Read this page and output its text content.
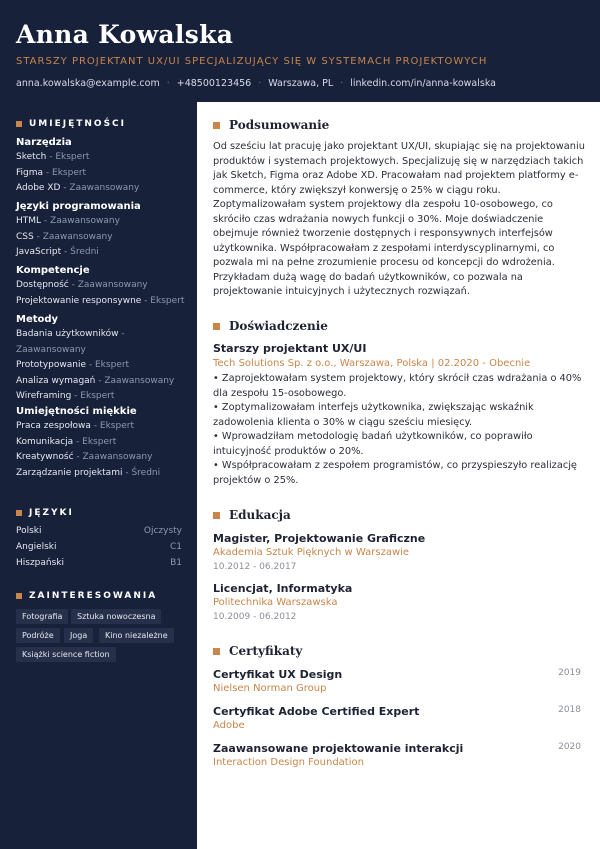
Anna Kowalska
STARSZY PROJEKTANT UX/UI SPECJALIZUJĄCY SIĘ W SYSTEMACH PROJEKTOWYCH
anna.kowalska@example.com · +48500123456 · Warszawa, PL · linkedin.com/in/anna-kowalska
UMIEJĘTNOŚCI
Narzędzia
Sketch - Ekspert
Figma - Ekspert
Adobe XD - Zaawansowany
Języki programowania
HTML - Zaawansowany
CSS - Zaawansowany
JavaScript - Średni
Kompetencje
Dostępność - Zaawansowany
Projektowanie responsywne - Ekspert
Metody
Badania użytkowników -
Zaawansowany
Prototypowanie - Ekspert
Analiza wymagań - Zaawansowany
Wireframing - Ekspert
Umiejętności miękkie
Praca zespołowa - Ekspert
Komunikacja - Ekspert
Kreatywność - Zaawansowany
Zarządzanie projektami - Średni
JĘZYKI
Polski	Ojczysty
Angielski	C1
Hiszpański	B1
ZAINTERESOWANIA
Fotografia	Sztuka nowoczesna
Podróże	Joga	Kino niezależne
Książki science fiction
Podsumowanie
Od sześciu lat pracuję jako projektant UX/UI, skupiając się na projektowaniu produktów i systemach projektowych. Specjalizuję się w narzędziach takich jak Sketch, Figma oraz Adobe XD. Pracowałam nad projektem platformy e-commerce, który zwiększył konwersję o 25% w ciągu roku. Zoptymalizowałam system projektowy dla zespołu 10-osobowego, co skróciło czas wdrażania nowych funkcji o 30%. Moje doświadczenie obejmuje również tworzenie dostępnych i responsywnych interfejsów użytkownika. Współpracowałam z zespołami interdyscyplinarnymi, co pozwala mi na pełne zrozumienie procesu od koncepcji do wdrożenia. Przykładam dużą wagę do badań użytkowników, co pozwala na projektowanie intuicyjnych i użytecznych rozwiązań.
Doświadczenie
Starszy projektant UX/UI
Tech Solutions Sp. z o.o., Warszawa, Polska | 02.2020 - Obecnie
• Zaprojektowałam system projektowy, który skrócił czas wdrażania o 40% dla zespołu 15-osobowego.
• Zoptymalizowałam interfejs użytkownika, zwiększając wskaźnik zadowolenia klienta o 30% w ciągu sześciu miesięcy.
• Wprowadziłam metodologię badań użytkowników, co poprawiło intuicyjność produktów o 20%.
• Współpracowałam z zespołem programistów, co przyspieszyło realizację projektów o 25%.
Edukacja
Magister, Projektowanie Graficzne
Akademia Sztuk Pięknych w Warszawie
10.2012 - 06.2017
Licencjat, Informatyka
Politechnika Warszawska
10.2009 - 06.2012
Certyfikaty
Certyfikat UX Design	2019
Nielsen Norman Group
Certyfikat Adobe Certified Expert	2018
Adobe
Zaawansowane projektowanie interakcji	2020
Interaction Design Foundation
